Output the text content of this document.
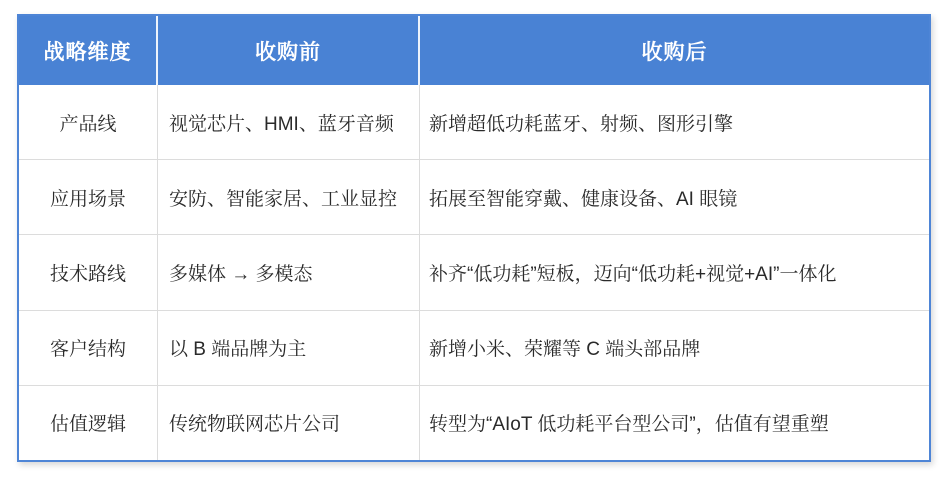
战略维度	收购前	收购后
产品线	视觉芯片、HMI、蓝牙音频	新增超低功耗蓝牙、射频、图形引擎
应用场景	安防、智能家居、工业显控	拓展至智能穿戴、健康设备、AI 眼镜
技术路线	多媒体 → 多模态	补齐“低功耗”短板，迈向“低功耗+视觉+AI”一体化
客户结构	以 B 端品牌为主	新增小米、荣耀等 C 端头部品牌
估值逻辑	传统物联网芯片公司	转型为“AIoT 低功耗平台型公司”，估值有望重塑
